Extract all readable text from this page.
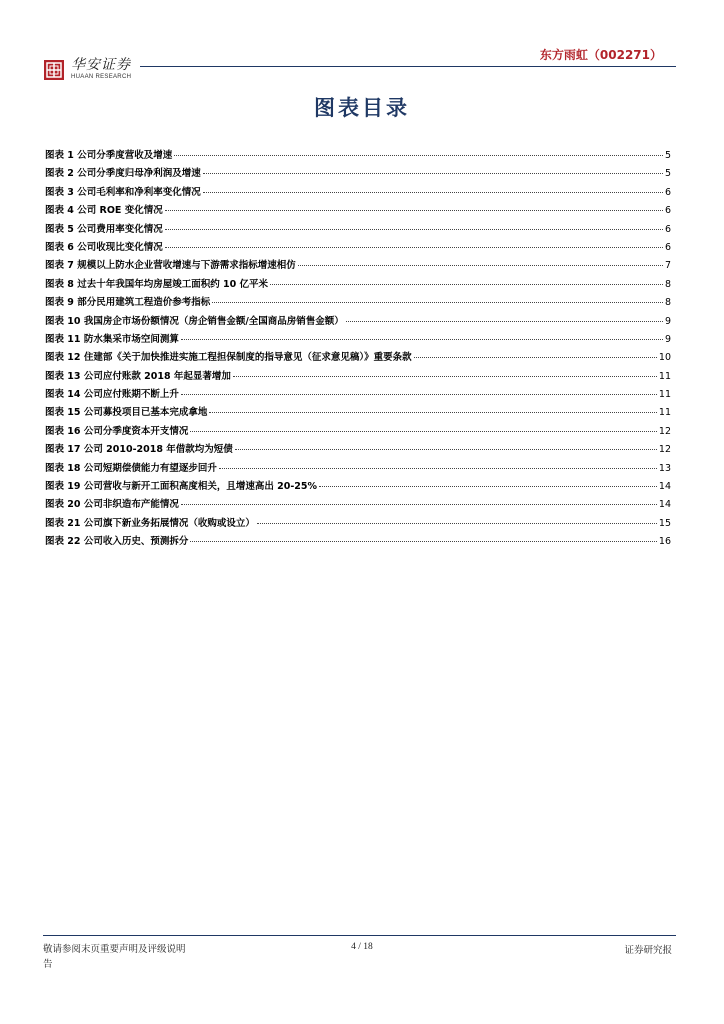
华安证券
HUAAN RESEARCH
东方雨虹（002271）
图表目录
图表 1 公司分季度营收及增速	5
图表 2 公司分季度归母净利润及增速	5
图表 3 公司毛利率和净利率变化情况	6
图表 4 公司 ROE 变化情况	6
图表 5 公司费用率变化情况	6
图表 6 公司收现比变化情况	6
图表 7 规模以上防水企业营收增速与下游需求指标增速相仿	7
图表 8 过去十年我国年均房屋竣工面积约 10 亿平米	8
图表 9 部分民用建筑工程造价参考指标	8
图表 10 我国房企市场份额情况（房企销售金额/全国商品房销售金额）	9
图表 11 防水集采市场空间测算	9
图表 12 住建部《关于加快推进实施工程担保制度的指导意见（征求意见稿）》重要条款	10
图表 13 公司应付账款 2018 年起显著增加	11
图表 14 公司应付账期不断上升	11
图表 15 公司募投项目已基本完成拿地	11
图表 16 公司分季度资本开支情况	12
图表 17 公司 2010-2018 年借款均为短债	12
图表 18 公司短期偿债能力有望逐步回升	13
图表 19 公司营收与新开工面积高度相关，且增速高出 20-25%	14
图表 20 公司非织造布产能情况	14
图表 21 公司旗下新业务拓展情况（收购或设立）	15
图表 22 公司收入历史、预测拆分	16
敬请参阅末页重要声明及评级说明
告
4 / 18	证券研究报
